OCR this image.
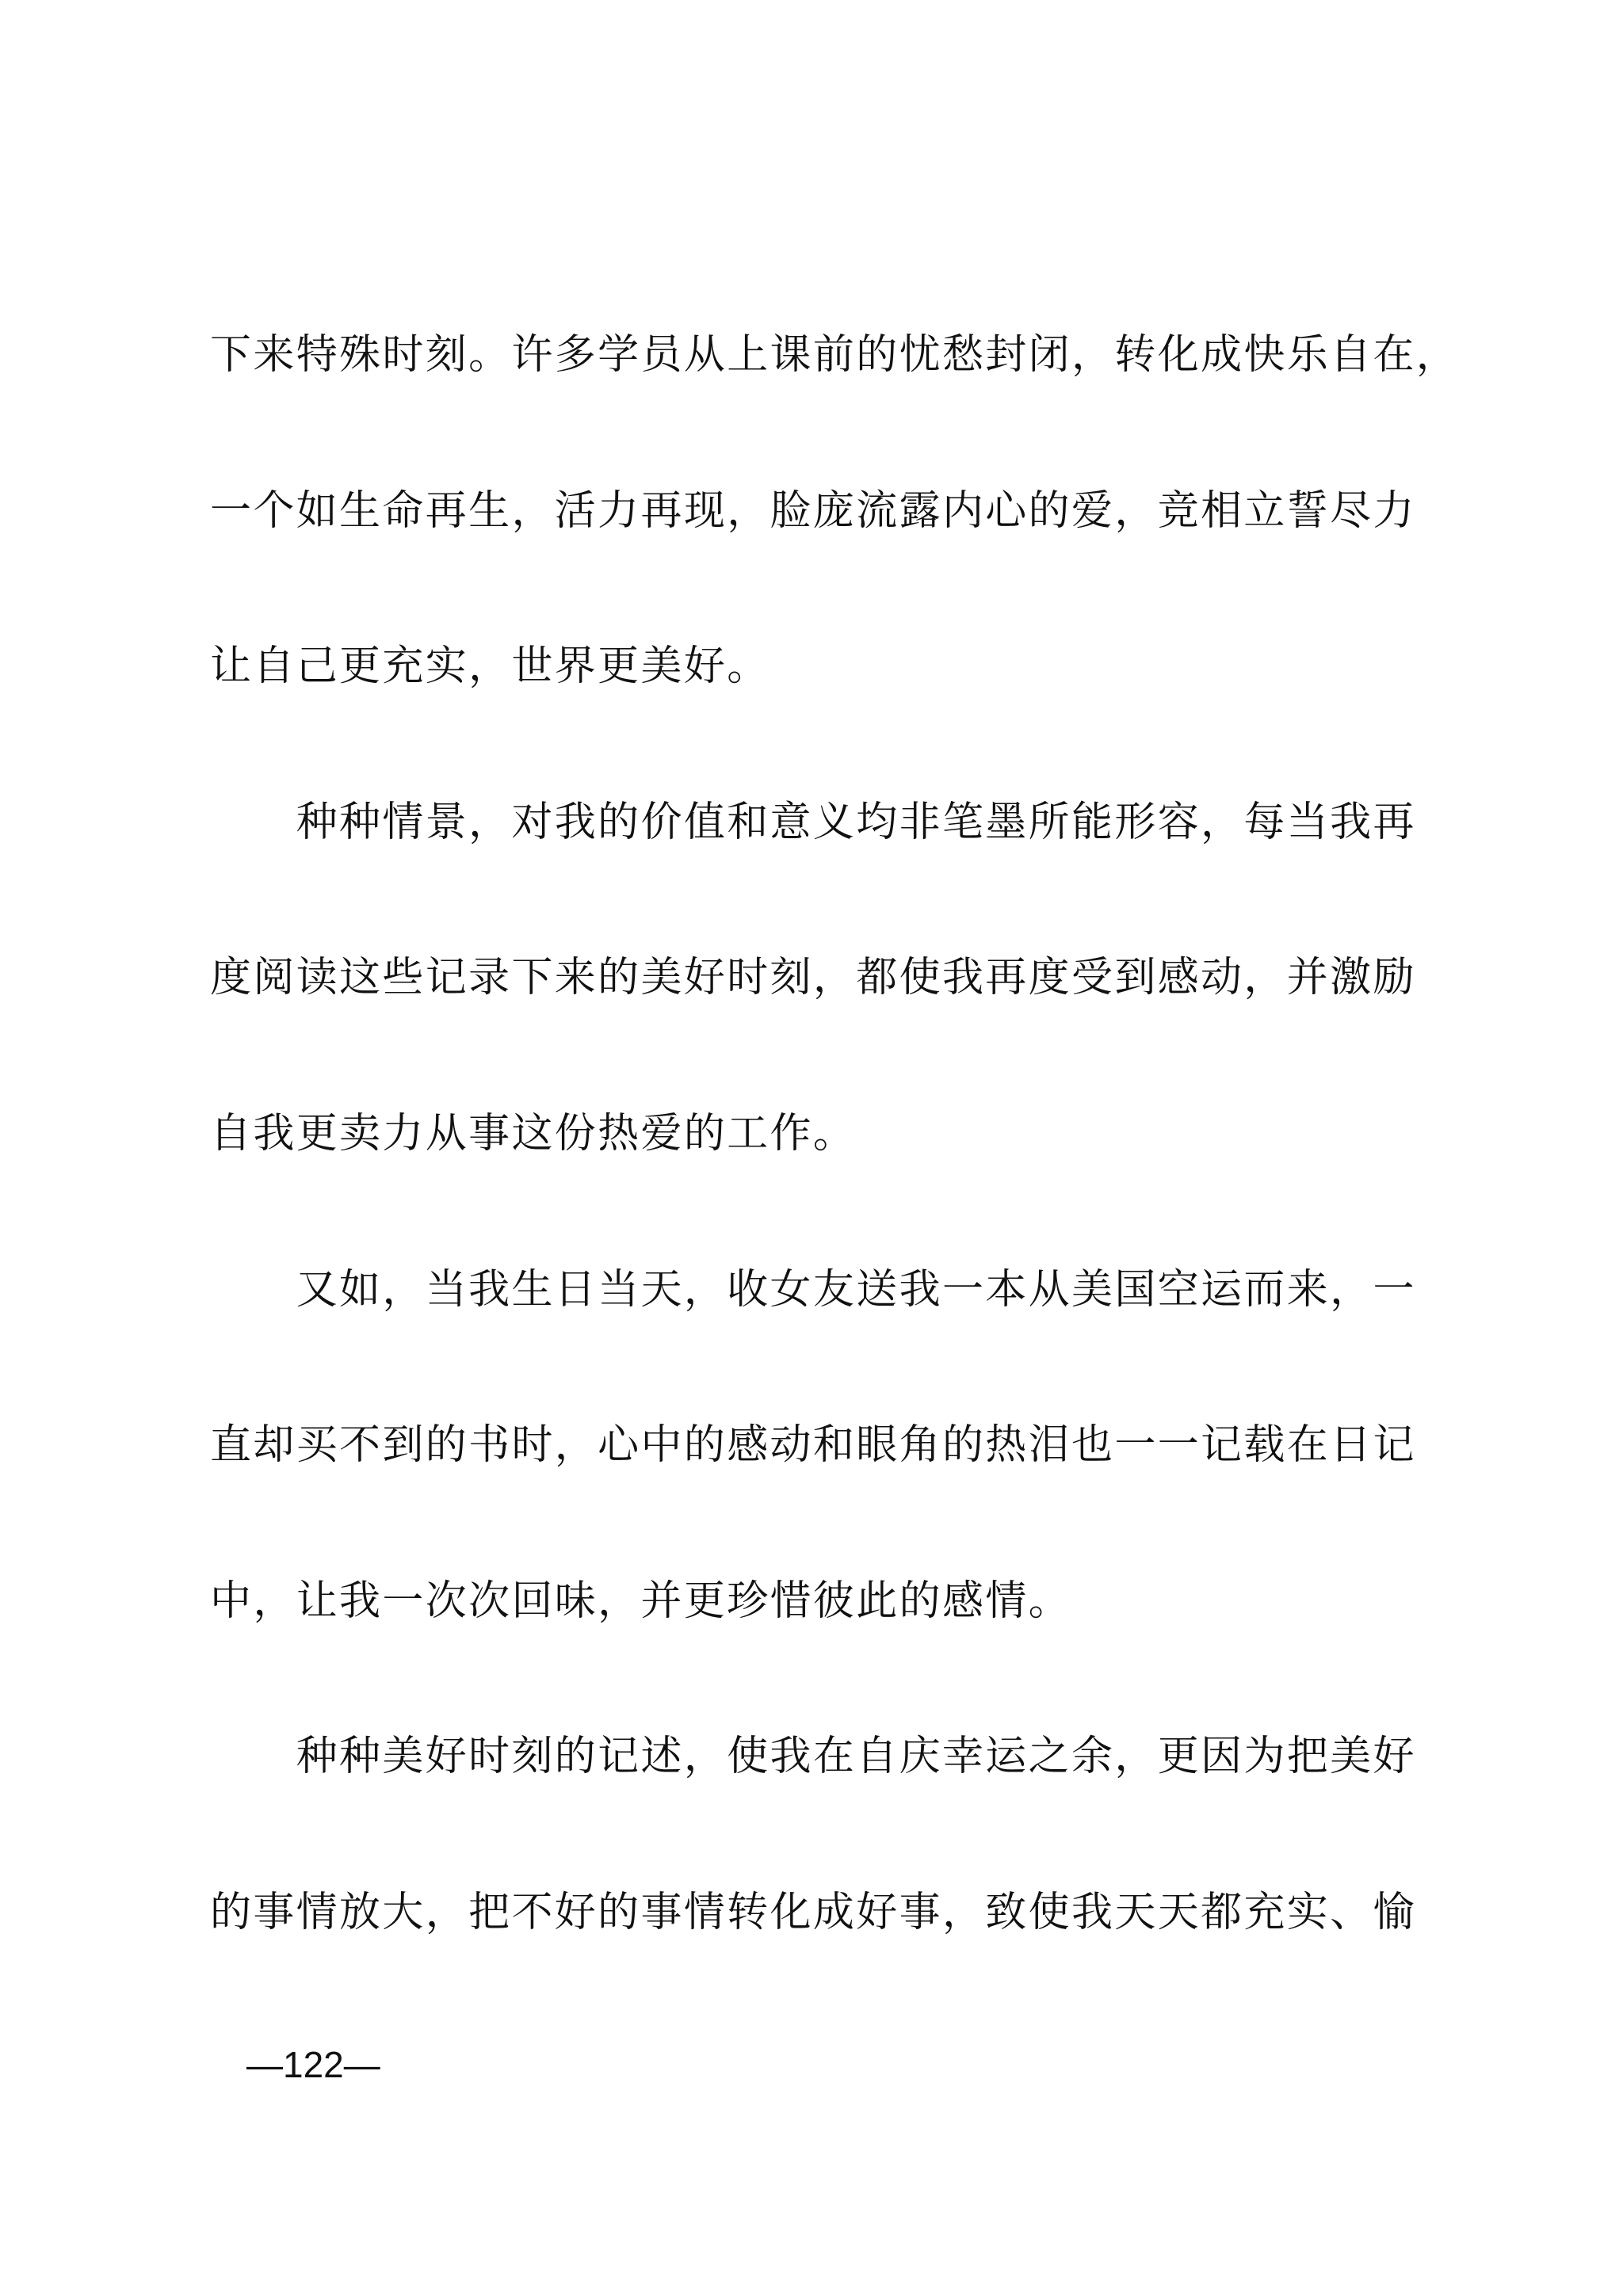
下来特殊时刻。许多学员从上课前的忧愁封闭，转化成快乐自在，
一个如生命再生，活力再现，脸庞流露内心的爱，竞相立誓尽力
让自己更充实，世界更美好。
种种情景，对我的价值和意义均非笔墨所能形容，每当我再
度阅读这些记录下来的美好时刻，都使我再度受到感动，并激励
自我更卖力从事这份热爱的工作。
又如，当我生日当天，收女友送我一本从美国空运而来，一
直却买不到的书时，心中的感动和眼角的热泪也一一记载在日记
中，让我一次次回味，并更珍惜彼此的感情。
种种美好时刻的记述，使我在自庆幸运之余，更因为把美好
的事情放大，把不好的事情转化成好事，致使我天天都充实、愉
—122—
